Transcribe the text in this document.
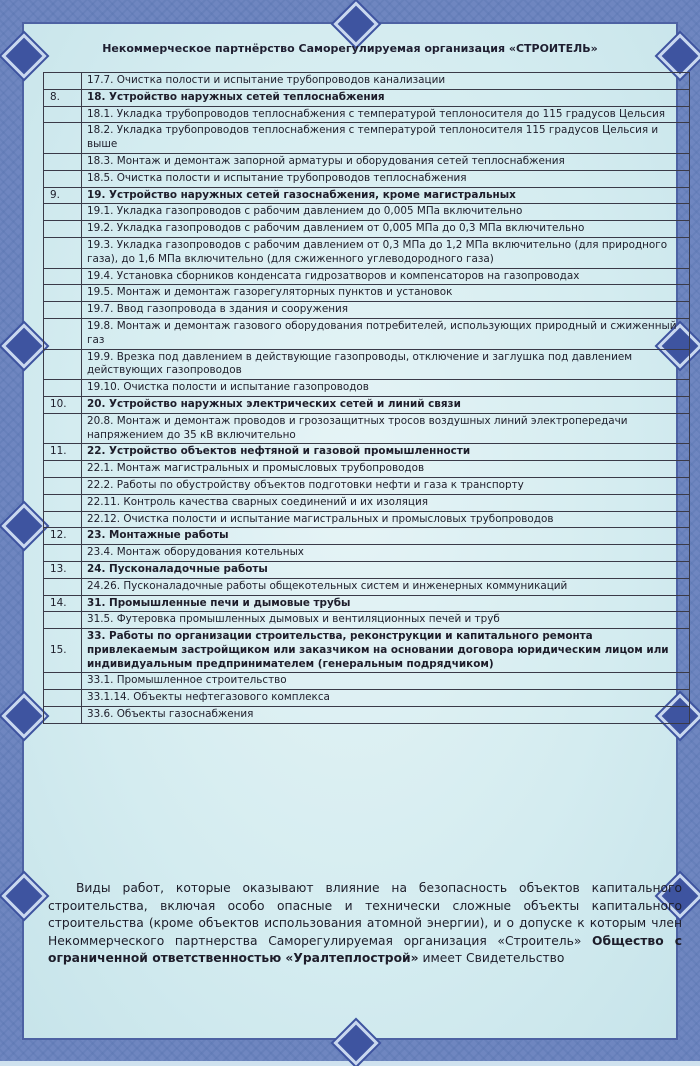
Некоммерческое партнёрство Саморегулируемая организация «СТРОИТЕЛЬ»
	17.7. Очистка полости и испытание трубопроводов канализации
8.	18. Устройство наружных сетей теплоснабжения
	18.1. Укладка трубопроводов теплоснабжения с температурой теплоносителя до 115 градусов Цельсия
	18.2. Укладка трубопроводов теплоснабжения с температурой теплоносителя 115 градусов Цельсия и выше
	18.3. Монтаж и демонтаж запорной арматуры и оборудования сетей теплоснабжения
	18.5. Очистка полости и испытание трубопроводов теплоснабжения
9.	19. Устройство наружных сетей газоснабжения, кроме магистральных
	19.1. Укладка газопроводов с рабочим давлением до 0,005 МПа включительно
	19.2. Укладка газопроводов с рабочим давлением от 0,005 МПа до 0,3 МПа включительно
	19.3. Укладка газопроводов с рабочим давлением от 0,3 МПа до 1,2 МПа включительно (для природного газа), до 1,6 МПа включительно (для сжиженного углеводородного газа)
	19.4. Установка сборников конденсата гидрозатворов и компенсаторов на газопроводах
	19.5. Монтаж и демонтаж газорегуляторных пунктов и установок
	19.7. Ввод газопровода в здания и сооружения
	19.8. Монтаж и демонтаж газового оборудования потребителей, использующих природный и сжиженный газ
	19.9. Врезка под давлением в действующие газопроводы, отключение и заглушка под давлением действующих газопроводов
	19.10. Очистка полости и испытание газопроводов
10.	20. Устройство наружных электрических сетей и линий связи
	20.8. Монтаж и демонтаж проводов и грозозащитных тросов воздушных линий электропередачи напряжением до 35 кВ включительно
11.	22. Устройство объектов нефтяной и газовой промышленности
	22.1. Монтаж магистральных и промысловых трубопроводов
	22.2. Работы по обустройству объектов подготовки нефти и газа к транспорту
	22.11. Контроль качества сварных соединений и их изоляция
	22.12. Очистка полости и испытание магистральных и промысловых трубопроводов
12.	23. Монтажные работы
	23.4. Монтаж оборудования котельных
13.	24. Пусконаладочные работы
	24.26. Пусконаладочные работы общекотельных систем и инженерных коммуникаций
14.	31. Промышленные печи и дымовые трубы
	31.5. Футеровка промышленных дымовых и вентиляционных печей и труб
15.	33. Работы по организации строительства, реконструкции и капитального ремонта привлекаемым застройщиком или заказчиком на основании договора юридическим лицом или индивидуальным предпринимателем (генеральным подрядчиком)
	33.1. Промышленное строительство
	33.1.14. Объекты нефтегазового комплекса
	33.6. Объекты газоснабжения
Виды работ, которые оказывают влияние на безопасность объектов капитального строительства, включая особо опасные и технически сложные объекты капитального строительства (кроме объектов использования атомной энергии), и о допуске к которым член Некоммерческого партнерства Саморегулируемая организация «Строитель» Общество с ограниченной ответственностью «Уралтеплострой» имеет Свидетельство
